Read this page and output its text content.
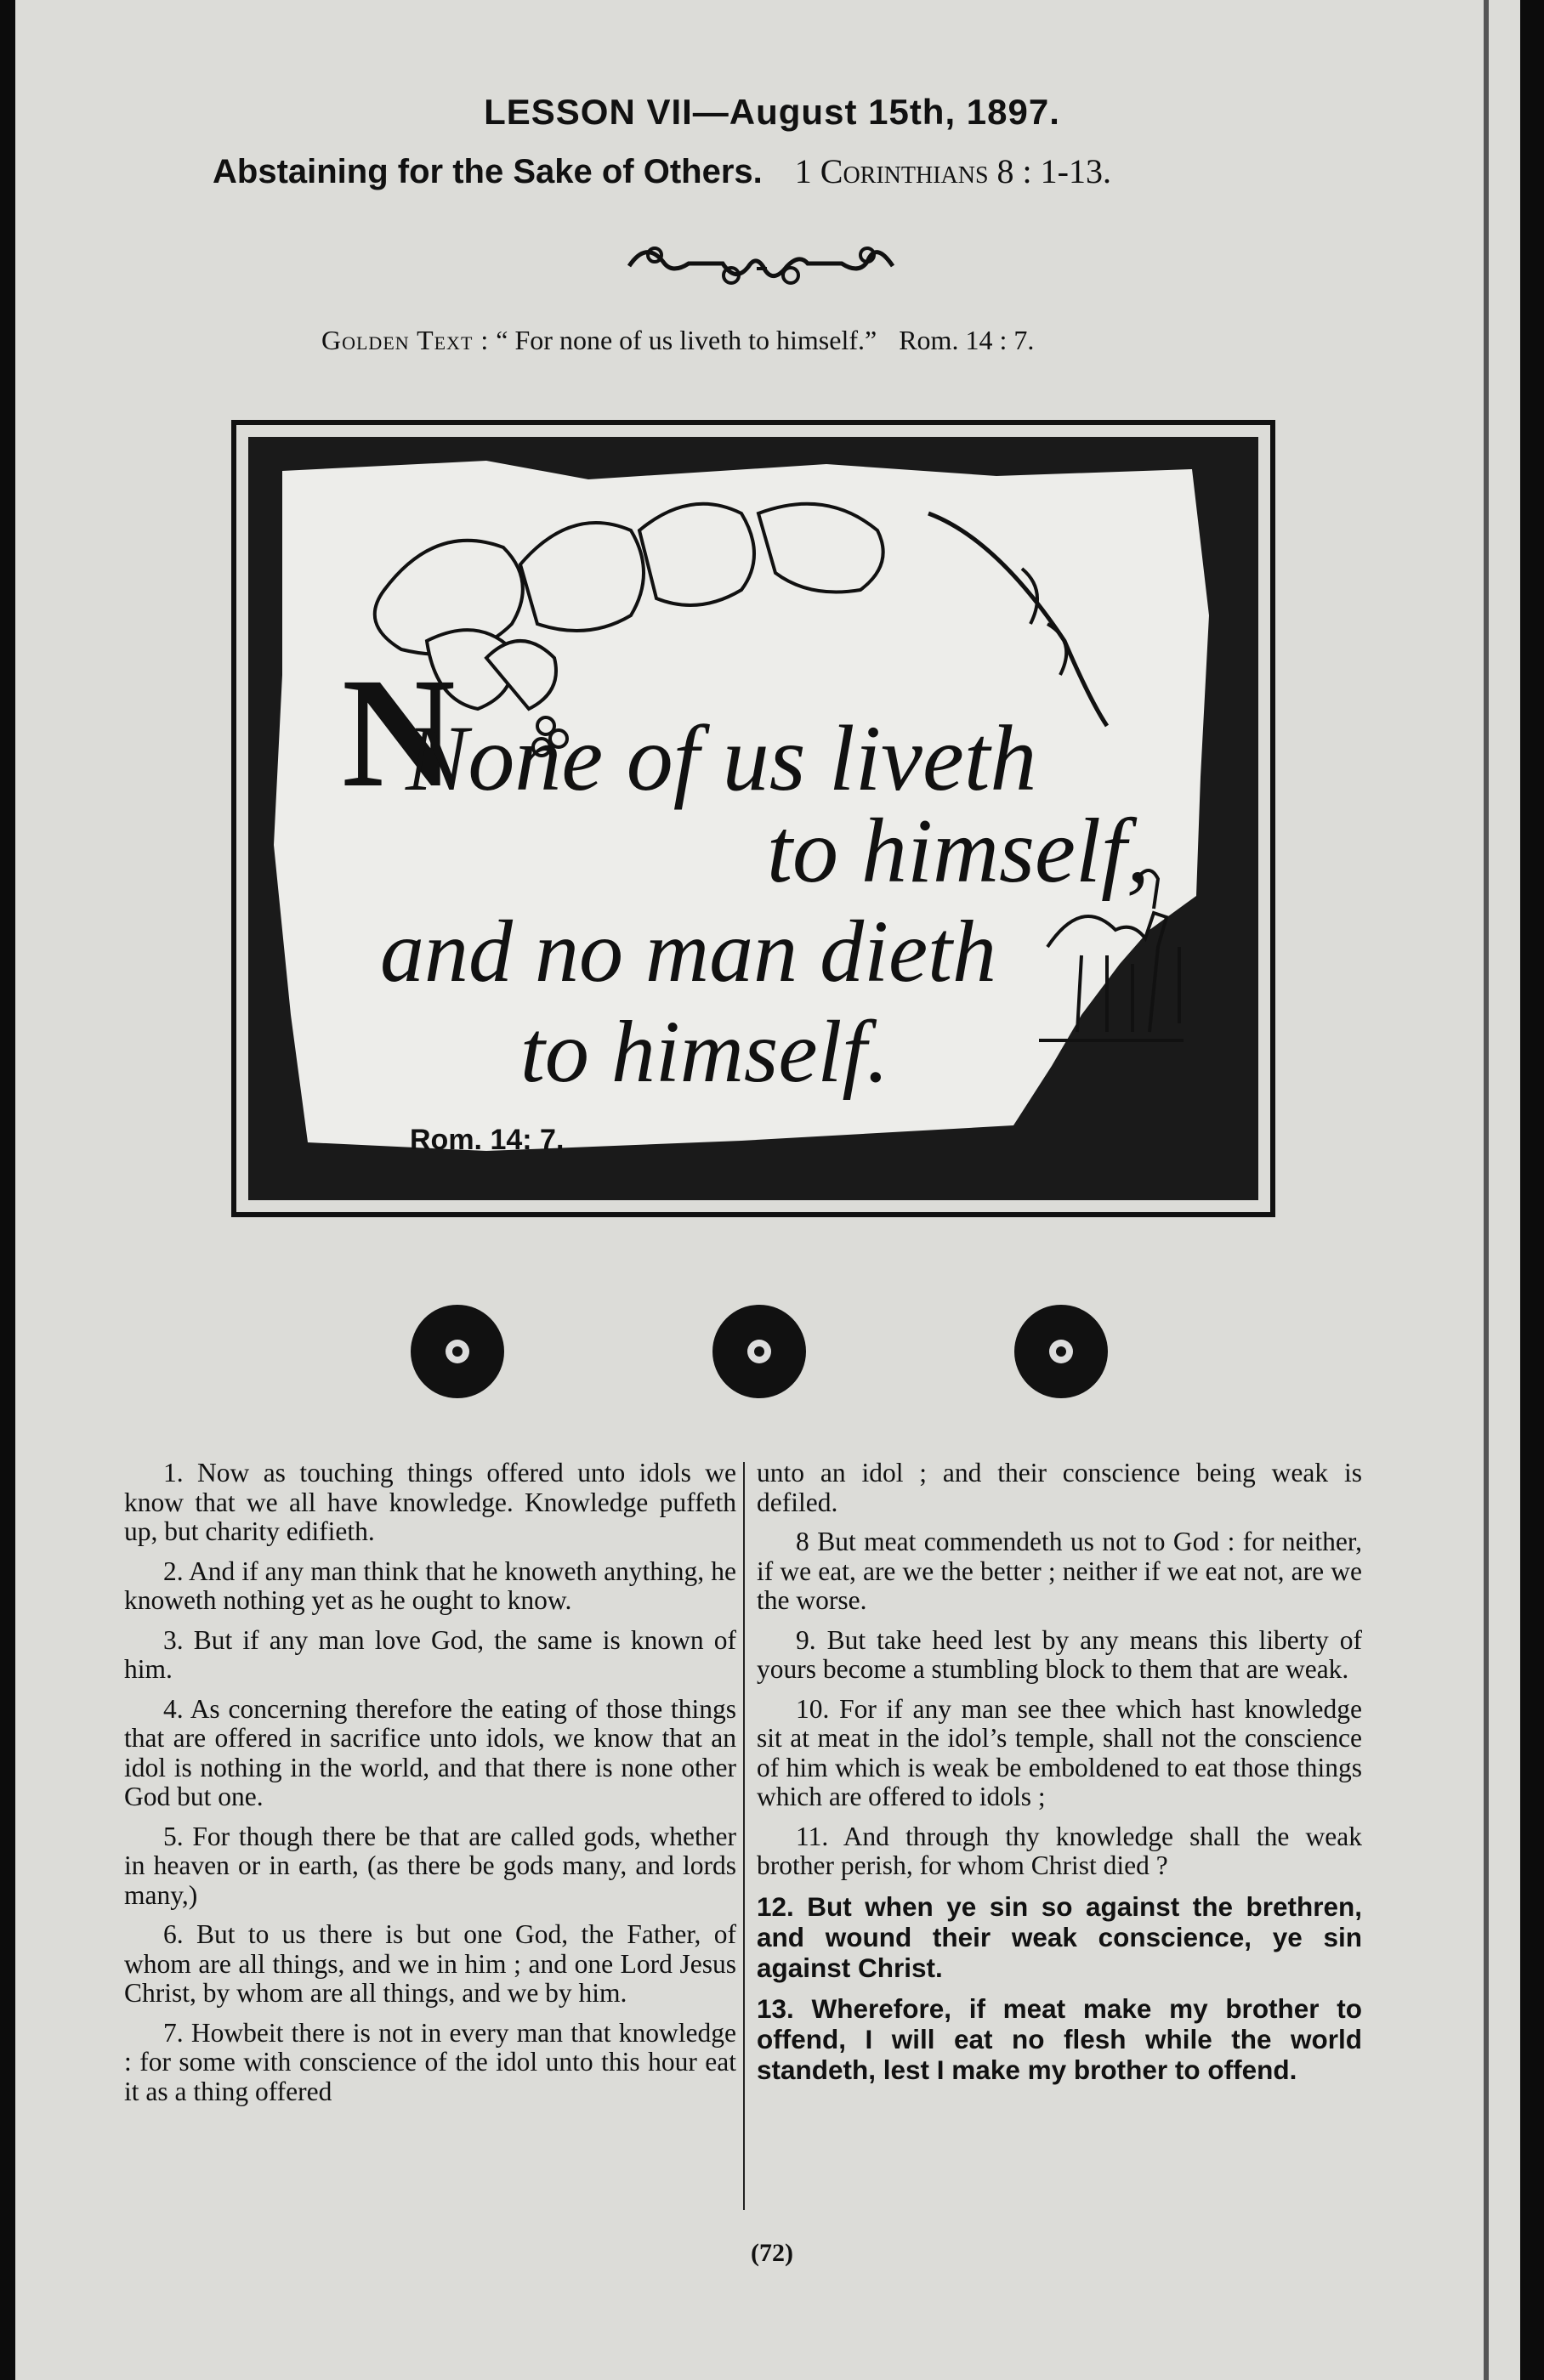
LESSON VII—August 15th, 1897.
Abstaining for the Sake of Others. 1 Corinthians 8 : 1-13.
Golden Text : “ For none of us liveth to himself.” Rom. 14 : 7.
N
None of us liveth
to himself,
and no man dieth
to himself.
Rom. 14: 7.

1. Now as touching things offered unto idols we know that we all have knowledge. Knowledge puffeth up, but charity edifieth.

2. And if any man think that he knoweth anything, he knoweth nothing yet as he ought to know.

3. But if any man love God, the same is known of him.

4. As concerning therefore the eating of those things that are offered in sacrifice unto idols, we know that an idol is nothing in the world, and that there is none other God but one.

5. For though there be that are called gods, whether in heaven or in earth, (as there be gods many, and lords many,)

6. But to us there is but one God, the Father, of whom are all things, and we in him ; and one Lord Jesus Christ, by whom are all things, and we by him.

7. Howbeit there is not in every man that knowledge : for some with conscience of the idol unto this hour eat it as a thing offered

unto an idol ; and their conscience being weak is defiled.

8 But meat commendeth us not to God : for neither, if we eat, are we the better ; neither if we eat not, are we the worse.

9. But take heed lest by any means this liberty of yours become a stumbling block to them that are weak.

10. For if any man see thee which hast knowledge sit at meat in the idol’s temple, shall not the conscience of him which is weak be emboldened to eat those things which are offered to idols ;

11. And through thy knowledge shall the weak brother perish, for whom Christ died ?

12. But when ye sin so against the brethren, and wound their weak conscience, ye sin against Christ.

13. Wherefore, if meat make my brother to offend, I will eat no flesh while the world standeth, lest I make my brother to offend.

(72)
